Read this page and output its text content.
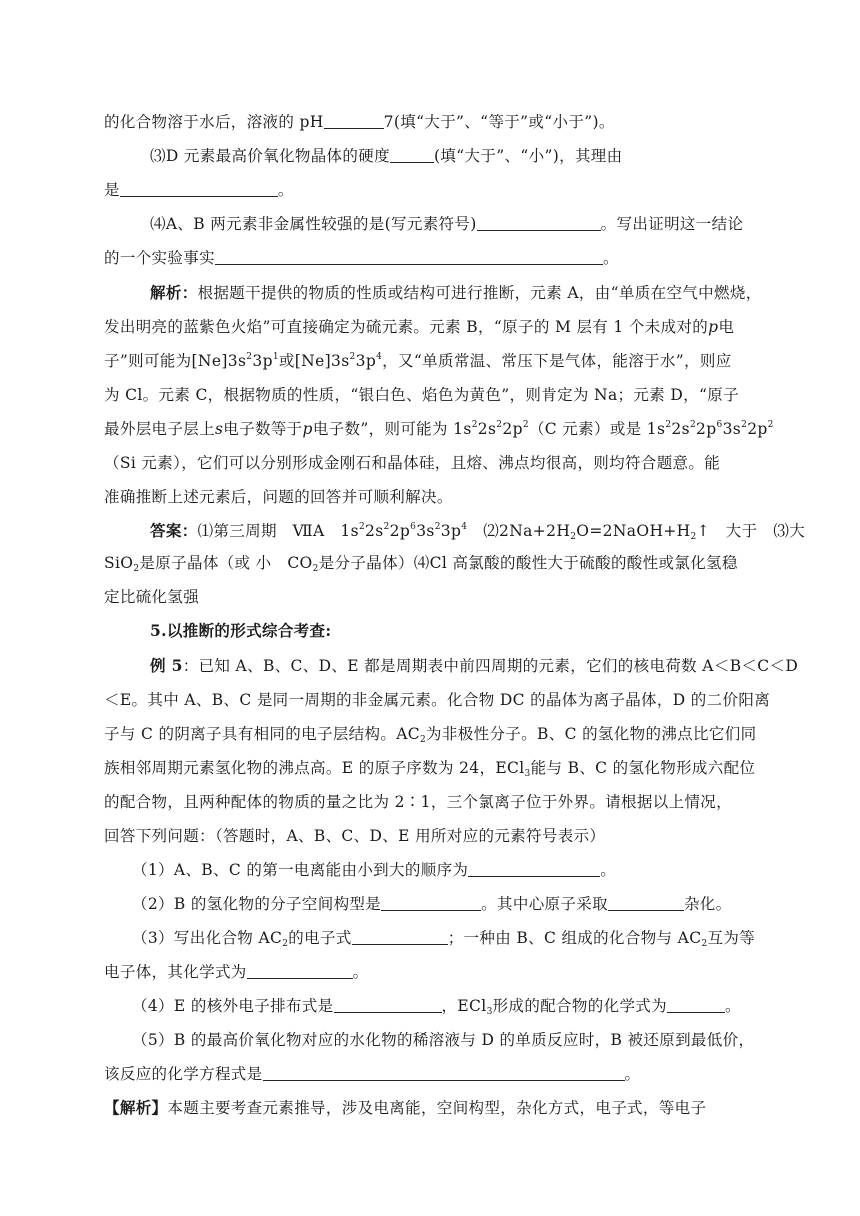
的化合物溶于水后，溶液的 pH	7(填“大于”、“等于”或“小于”)。
⑶D 元素最高价氧化物晶体的硬度	(填“大于”、“小”)，其理由
是	。
⑷A、B 两元素非金属性较强的是(写元素符号)	。写出证明这一结论
的一个实验事实	。
解析：根据题干提供的物质的性质或结构可进行推断，元素 A，由“单质在空气中燃烧，
发出明亮的蓝紫色火焰”可直接确定为硫元素。元素 B，“原子的 M 层有 1 个未成对的p电
子”则可能为$[Ne]3s^23p^1$或$[Ne]3s^23p^4$，又“单质常温、常压下是气体，能溶于水”，则应
为 Cl。元素 C，根据物质的性质，“银白色、焰色为黄色”，则肯定为 Na；元素 D，“原子
最外层电子层上s电子数等于p电子数”，则可能为 $1s^22s^22p^2(C$ 元素）或是 $1s^22s^22p^63s^22p^2$
（Si 元素），它们可以分别形成金刚石和晶体硅，且熔、沸点均很高，则均符合题意。能
准确推断上述元素后，问题的回答并可顺利解决。
答案：⑴第三周期　ⅦA　$1s^22s^22p^63s^23p^4$　$⑵2Na+2H_2O=2NaOH+H_2↑$　大于　⑶大
SiO$_2$是原子晶体（或 小　$CO_2$是分子晶体）⑷Cl 高氯酸的酸性大于硫酸的酸性或氯化氢稳
定比硫化氢强
5.以推断的形式综合考查:
例 5：已知 A、B、C、D、E 都是周期表中前四周期的元素，它们的核电荷数 A＜B＜C＜D
＜E。其中 A、B、C 是同一周期的非金属元素。化合物 DC 的晶体为离子晶体，D 的二价阳离
子与 C 的阴离子具有相同的电子层结构。$AC_2$为非极性分子。B、C 的氢化物的沸点比它们同
族相邻周期元素氢化物的沸点高。E 的原子序数为 24，ECl$_3$能与 B、C 的氢化物形成六配位
的配合物，且两种配体的物质的量之比为 2∶1，三个氯离子位于外界。请根据以上情况，
回答下列问题：（答题时，A、B、C、D、E 用所对应的元素符号表示）
（1）A、B、C 的第一电离能由小到大的顺序为	。
（2）B 的氢化物的分子空间构型是	。其中心原子采取	杂化。
（3）写出化合物 $AC_2$的电子式	；一种由 B、C 组成的化合物与 $AC_2$互为等
电子体，其化学式为	。
（4）E 的核外电子排布式是	，ECl$_3$形成的配合物的化学式为	。
（5）B 的最高价氧化物对应的水化物的稀溶液与 D 的单质反应时，B 被还原到最低价，
该反应的化学方程式是	。
【解析】本题主要考查元素推导，涉及电离能，空间构型，杂化方式，电子式，等电子
